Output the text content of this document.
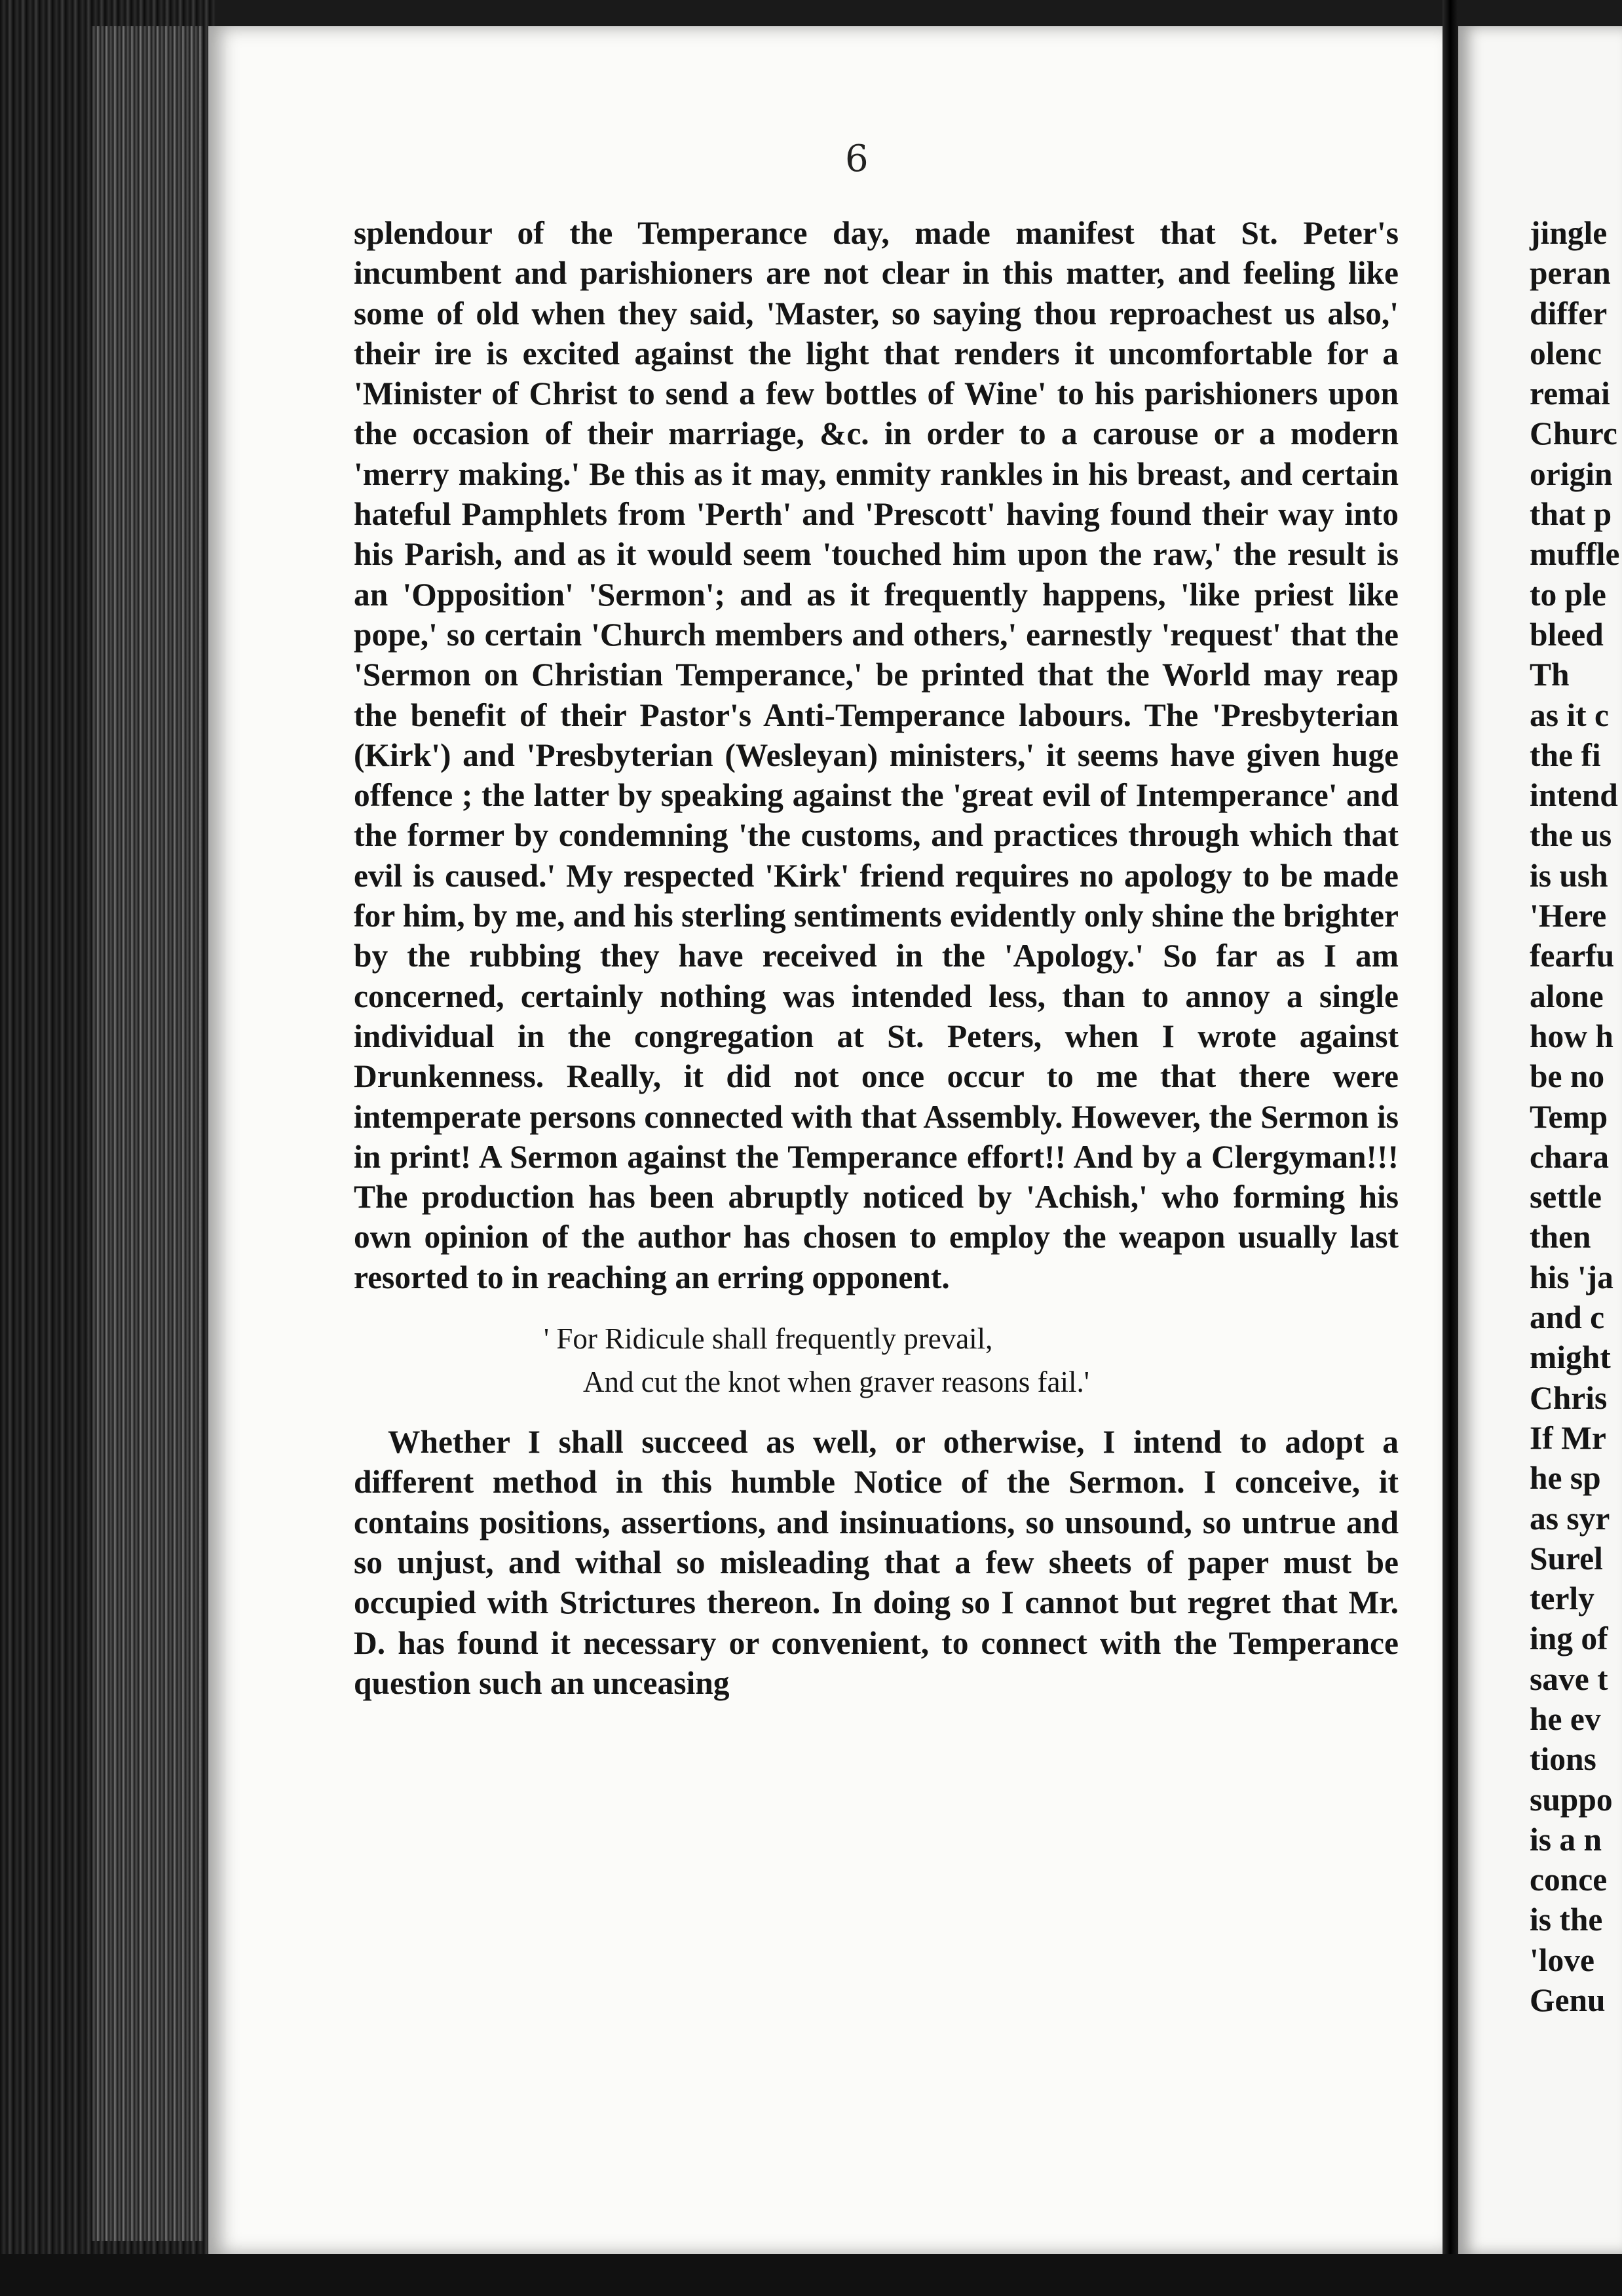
6

splendour of the Temperance day, made manifest that St. Peter's incumbent and parishioners are not clear in this matter, and feeling like some of old when they said, 'Master, so saying thou reproachest us also,' their ire is excited against the light that renders it uncomfortable for a 'Minister of Christ to send a few bottles of Wine' to his parishioners upon the occasion of their marriage, &c. in order to a carouse or a modern 'merry making.' Be this as it may, enmity rankles in his breast, and certain hateful Pamphlets from 'Perth' and 'Prescott' having found their way into his Parish, and as it would seem 'touched him upon the raw,' the result is an 'Opposition' 'Sermon'; and as it frequently happens, 'like priest like pope,' so certain 'Church members and others,' earnestly 'request' that the 'Sermon on Christian Temperance,' be printed that the World may reap the benefit of their Pastor's Anti-Temperance labours. The 'Presbyterian (Kirk') and 'Presbyterian (Wesleyan) ministers,' it seems have given huge offence ; the latter by speaking against the 'great evil of Intemperance' and the former by condemning 'the customs, and practices through which that evil is caused.' My respected 'Kirk' friend requires no apology to be made for him, by me, and his sterling sentiments evidently only shine the brighter by the rubbing they have received in the 'Apology.' So far as I am concerned, certainly nothing was intended less, than to annoy a single individual in the congregation at St. Peters, when I wrote against Drunkenness. Really, it did not once occur to me that there were intemperate persons connected with that Assembly. However, the Sermon is in print! A Sermon against the Temperance effort!! And by a Clergyman!!! The production has been abruptly noticed by 'Achish,' who forming his own opinion of the author has chosen to employ the weapon usually last resorted to in reaching an erring opponent.

' For Ridicule shall frequently prevail,
And cut the knot when graver reasons fail.'

Whether I shall succeed as well, or otherwise, I intend to adopt a different method in this humble Notice of the Sermon. I conceive, it contains positions, assertions, and insinuations, so unsound, so untrue and so unjust, and withal so misleading that a few sheets of paper must be occupied with Strictures thereon. In doing so I cannot but regret that Mr. D. has found it necessary or convenient, to connect with the Temperance question such an unceasing

jingle
peran
differ
olenc
remai
Churc
origin
that p
muffle
to ple
bleed
Th
as it c
the fi
intend
the us
is ush
'Here
fearfu
alone
how h
be no
Temp
chara
settle
then
his 'ja
and c
might
Chris
If Mr
he sp
as syr
Surel
terly
ing of
save t
he ev
tions
suppo
is a n
conce
is the
'love
Genu
